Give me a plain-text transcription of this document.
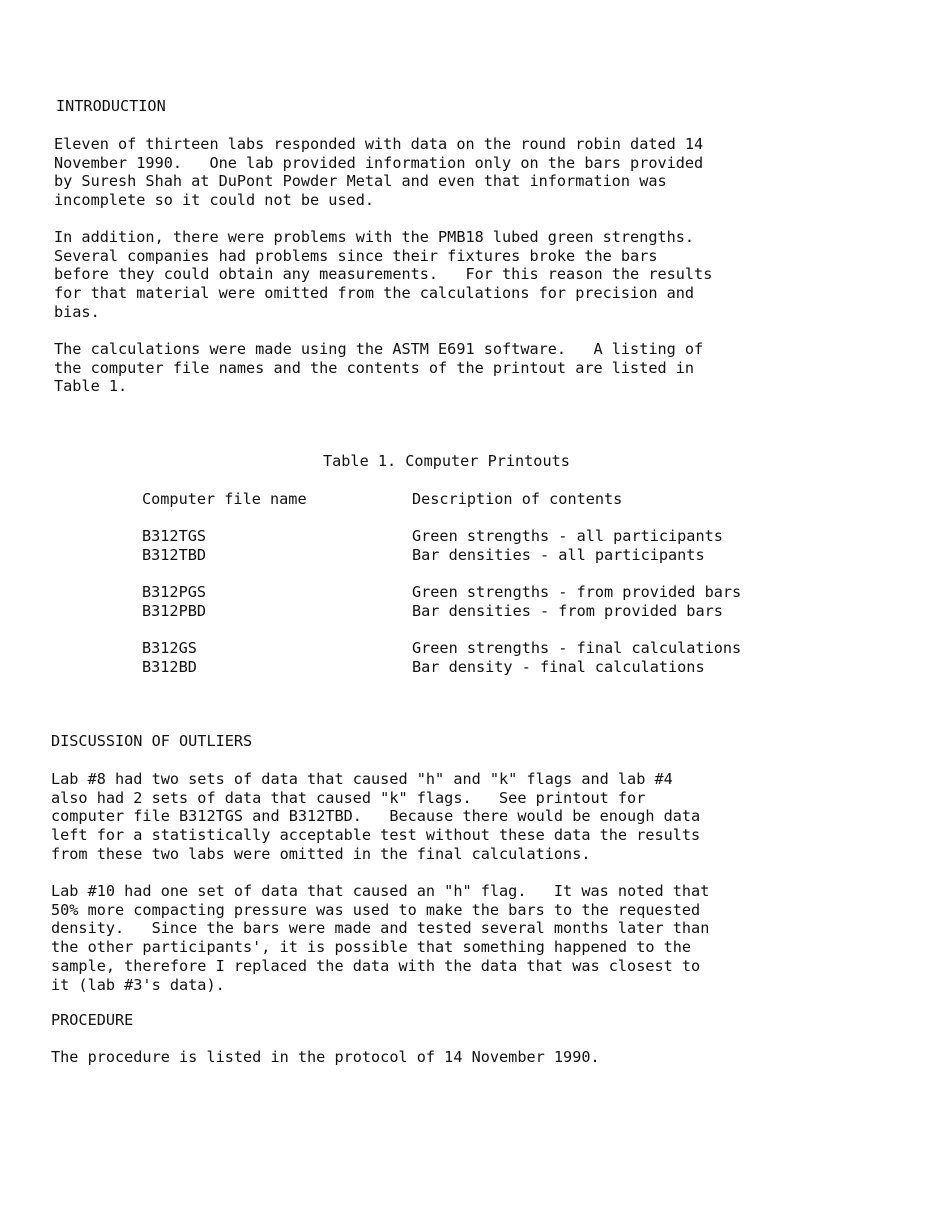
INTRODUCTION
Eleven of thirteen labs responded with data on the round robin dated 14
November 1990.   One lab provided information only on the bars provided
by Suresh Shah at DuPont Powder Metal and even that information was
incomplete so it could not be used.
In addition, there were problems with the PMB18 lubed green strengths.
Several companies had problems since their fixtures broke the bars
before they could obtain any measurements.   For this reason the results
for that material were omitted from the calculations for precision and
bias.
The calculations were made using the ASTM E691 software.   A listing of
the computer file names and the contents of the printout are listed in
Table 1.
Table 1. Computer Printouts
Computer file name	Description of contents
B312TGS	Green strengths - all participants
B312TBD	Bar densities - all participants
B312PGS	Green strengths - from provided bars
B312PBD	Bar densities - from provided bars
B312GS	Green strengths - final calculations
B312BD	Bar density - final calculations
DISCUSSION OF OUTLIERS
Lab #8 had two sets of data that caused "h" and "k" flags and lab #4
also had 2 sets of data that caused "k" flags.   See printout for
computer file B312TGS and B312TBD.   Because there would be enough data
left for a statistically acceptable test without these data the results
from these two labs were omitted in the final calculations.
Lab #10 had one set of data that caused an "h" flag.   It was noted that
50% more compacting pressure was used to make the bars to the requested
density.   Since the bars were made and tested several months later than
the other participants', it is possible that something happened to the
sample, therefore I replaced the data with the data that was closest to
it (lab #3's data).
PROCEDURE
The procedure is listed in the protocol of 14 November 1990.
